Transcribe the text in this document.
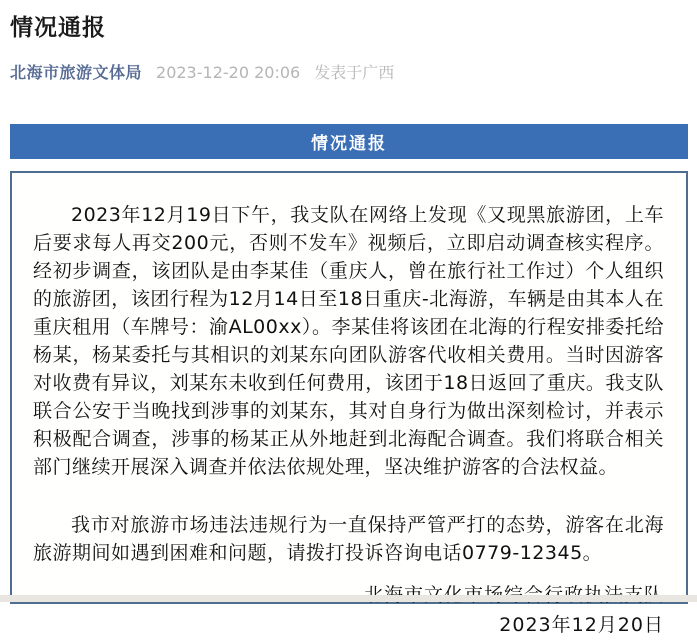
情况通报
北海市旅游文体局 2023-12-20 20:06 发表于广西
情况通报

2023年12月19日下午，我支队在网络上发现《又现黑旅游团，上车后要求每人再交200元，否则不发车》视频后，立即启动调查核实程序。经初步调查，该团队是由李某佳（重庆人，曾在旅行社工作过）个人组织的旅游团，该团行程为12月14日至18日重庆-北海游，车辆是由其本人在重庆租用（车牌号：渝AL00xx）。李某佳将该团在北海的行程安排委托给杨某，杨某委托与其相识的刘某东向团队游客代收相关费用。当时因游客对收费有异议，刘某东未收到任何费用，该团于18日返回了重庆。我支队联合公安于当晚找到涉事的刘某东，其对自身行为做出深刻检讨，并表示积极配合调查，涉事的杨某正从外地赶到北海配合调查。我们将联合相关部门继续开展深入调查并依法依规处理，坚决维护游客的合法权益。

我市对旅游市场违法违规行为一直保持严管严打的态势，游客在北海旅游期间如遇到困难和问题，请拨打投诉咨询电话0779-12345。

2023年12月20日
